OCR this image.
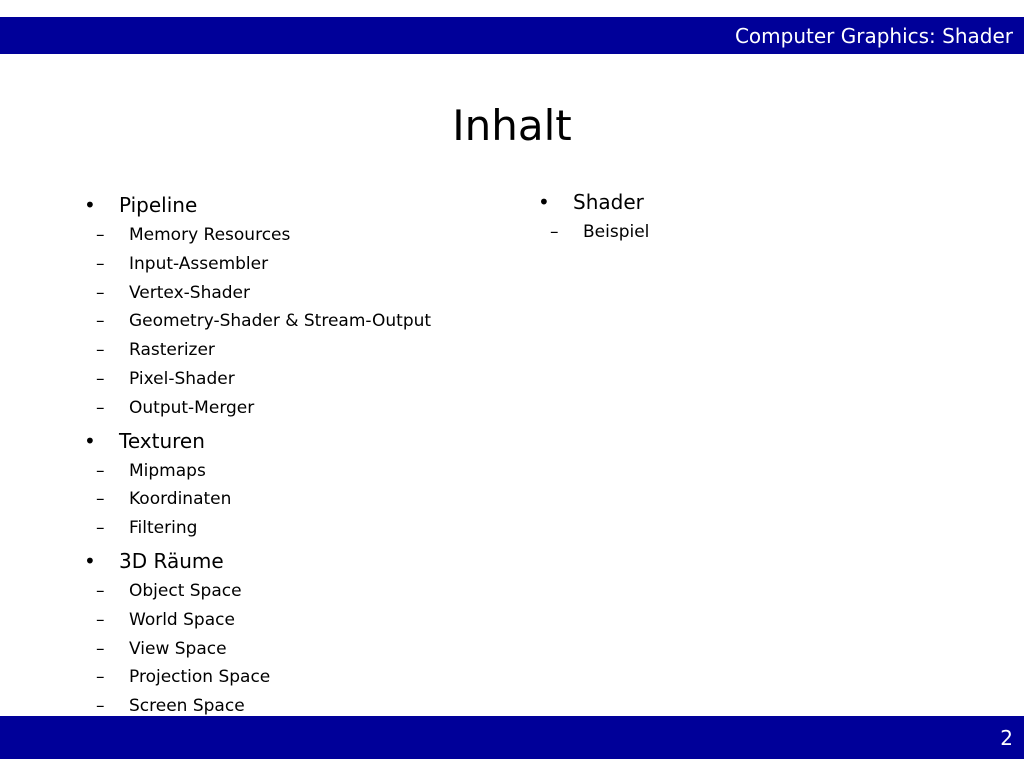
Computer Graphics: Shader
Inhalt
• Pipeline
– Memory Resources
– Input-Assembler
– Vertex-Shader
– Geometry-Shader & Stream-Output
– Rasterizer
– Pixel-Shader
– Output-Merger
• Texturen
– Mipmaps
– Koordinaten
– Filtering
• 3D Räume
– Object Space
– World Space
– View Space
– Projection Space
– Screen Space
• Shader
– Beispiel
2
